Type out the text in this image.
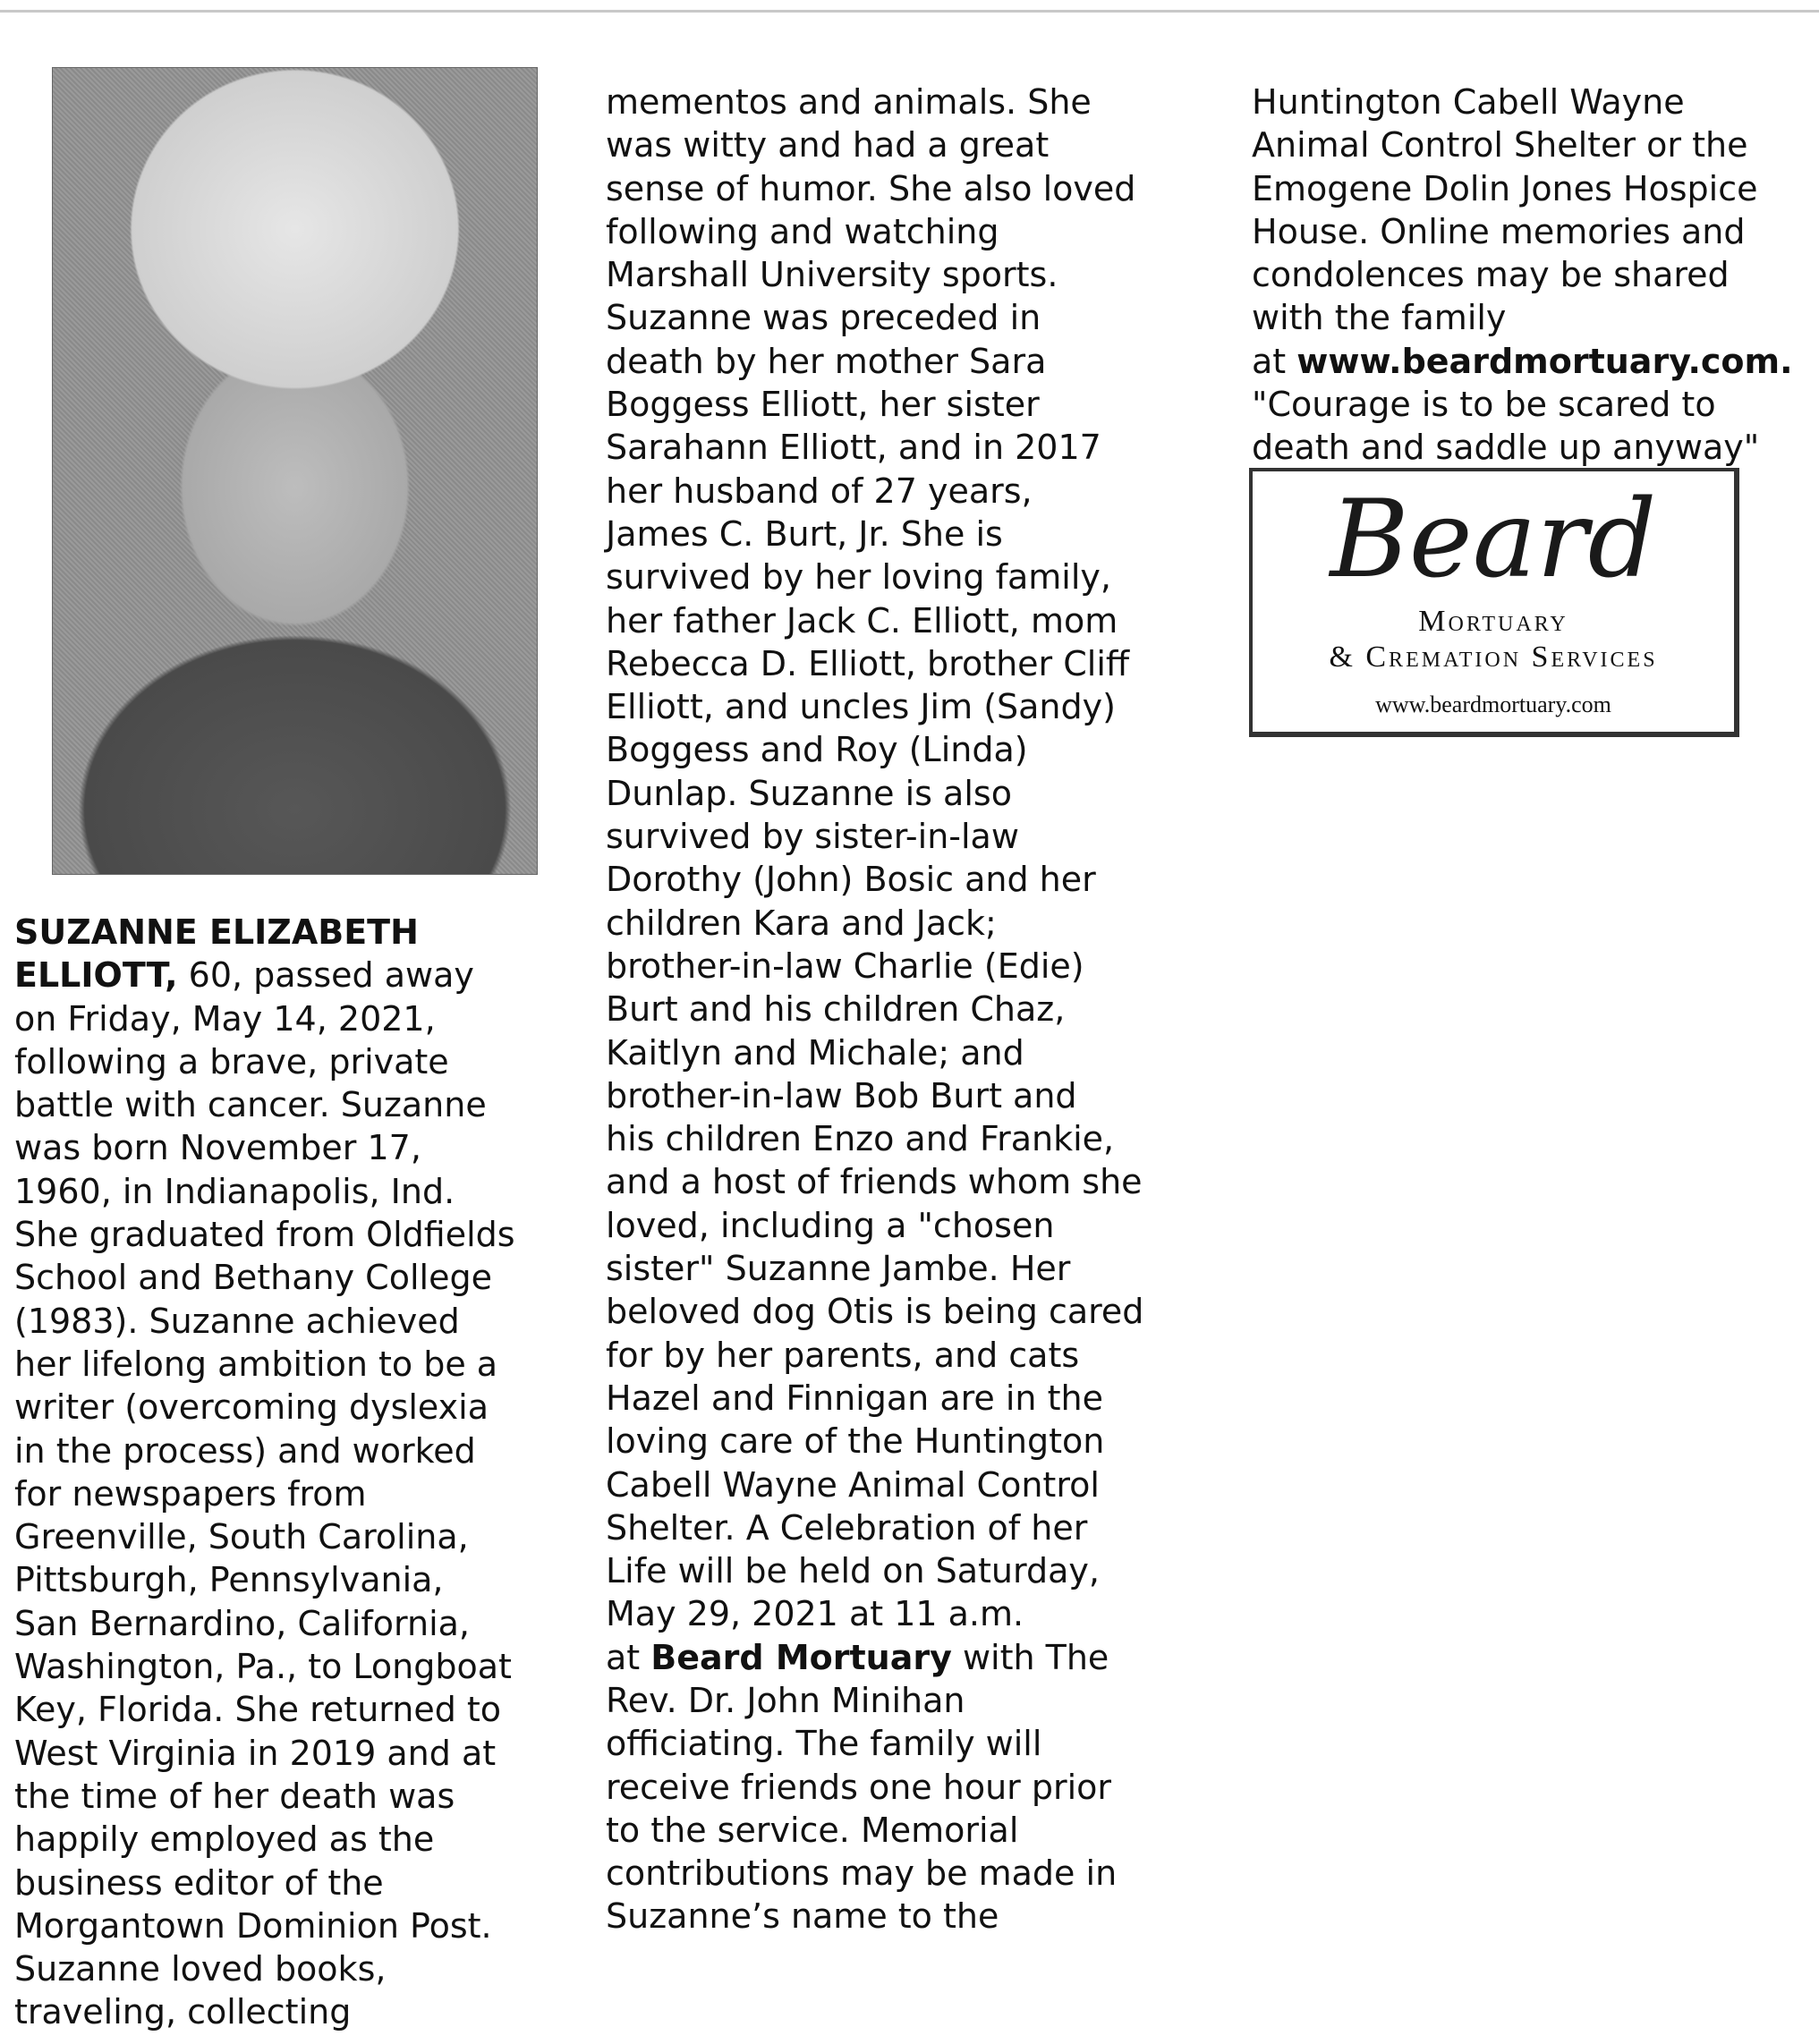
SUZANNE ELIZABETH
ELLIOTT, 60, passed away
on Friday, May 14, 2021,
following a brave, private
battle with cancer. Suzanne
was born November 17,
1960, in Indianapolis, Ind.
She graduated from Oldfields
School and Bethany College
(1983). Suzanne achieved
her lifelong ambition to be a
writer (overcoming dyslexia
in the process) and worked
for newspapers from
Greenville, South Carolina,
Pittsburgh, Pennsylvania,
San Bernardino, California,
Washington, Pa., to Longboat
Key, Florida. She returned to
West Virginia in 2019 and at
the time of her death was
happily employed as the
business editor of the
Morgantown Dominion Post.
Suzanne loved books,
traveling, collecting
mementos and animals. She
was witty and had a great
sense of humor. She also loved
following and watching
Marshall University sports.
Suzanne was preceded in
death by her mother Sara
Boggess Elliott, her sister
Sarahann Elliott, and in 2017
her husband of 27 years,
James C. Burt, Jr. She is
survived by her loving family,
her father Jack C. Elliott, mom
Rebecca D. Elliott, brother Cliff
Elliott, and uncles Jim (Sandy)
Boggess and Roy (Linda)
Dunlap. Suzanne is also
survived by sister-in-law
Dorothy (John) Bosic and her
children Kara and Jack;
brother-in-law Charlie (Edie)
Burt and his children Chaz,
Kaitlyn and Michale; and
brother-in-law Bob Burt and
his children Enzo and Frankie,
and a host of friends whom she
loved, including a "chosen
sister" Suzanne Jambe. Her
beloved dog Otis is being cared
for by her parents, and cats
Hazel and Finnigan are in the
loving care of the Huntington
Cabell Wayne Animal Control
Shelter. A Celebration of her
Life will be held on Saturday,
May 29, 2021 at 11 a.m.
at Beard Mortuary with The
Rev. Dr. John Minihan
officiating. The family will
receive friends one hour prior
to the service. Memorial
contributions may be made in
Suzanne’s name to the
Huntington Cabell Wayne
Animal Control Shelter or the
Emogene Dolin Jones Hospice
House. Online memories and
condolences may be shared
with the family
at www.beardmortuary.com.
"Courage is to be scared to
death and saddle up anyway"
Beard
Mortuary
& Cremation Services
www.beardmortuary.com
